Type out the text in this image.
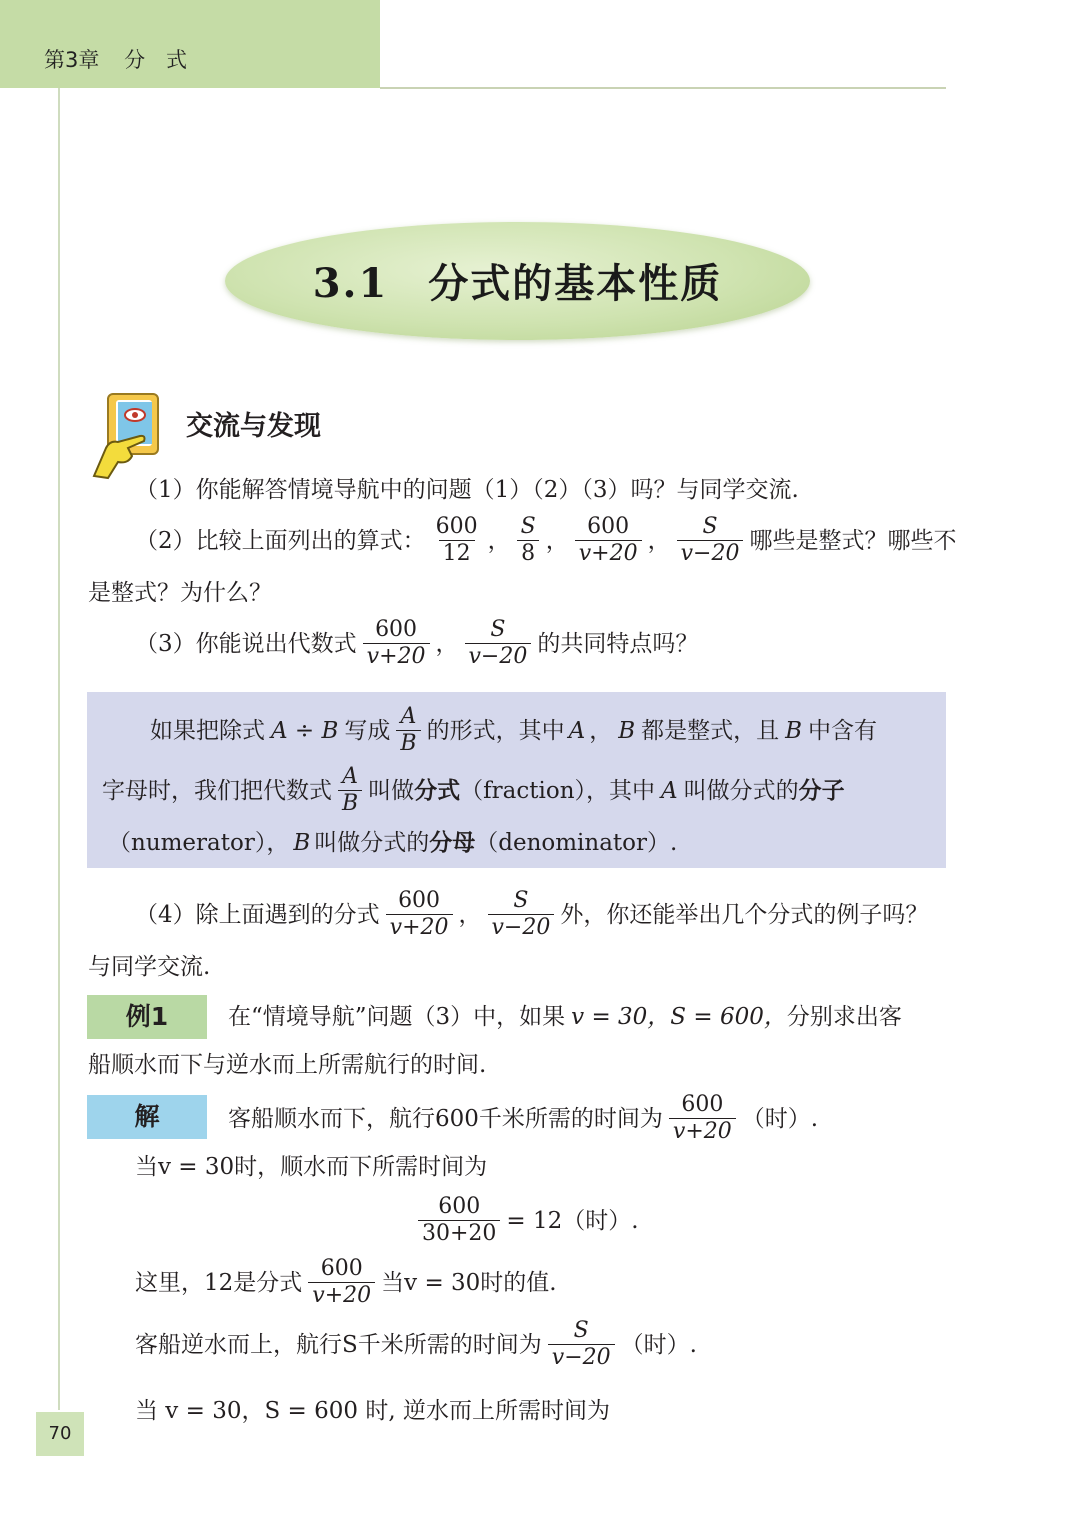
第3章 分　式
3.1 分式的基本性质
交流与发现
（1）你能解答情境导航中的问题（1）（2）（3）吗？与同学交流.
（2）比较上面列出的算式： $\frac{600}{12}$ ， $\frac{S}{8}$ ， $\frac{600}{v+20}$ ， $\frac{S}{v-20}$ 哪些是整式？哪些不
是整式？为什么？
（3）你能说出代数式 $\frac{600}{v+20}$ ， $\frac{S}{v-20}$ 的共同特点吗？
如果把除式 A ÷ B 写成 $\frac{A}{B}$ 的形式，其中 A ， B 都是整式，且 B 中含有
字母时，我们把代数式 $\frac{A}{B}$ 叫做 分式 （fraction），其中 A 叫做分式的 分子
（numerator）， B 叫做分式的分母（denominator）.
（4）除上面遇到的分式 $\frac{600}{v+20}$ ， $\frac{S}{v-20}$ 外，你还能举出几个分式的例子吗？
与同学交流.
例1	在“情境导航”问题（3）中，如果 v = 30，S = 600，分别求出客
船顺水而下与逆水而上所需航行的时间.
解	客船顺水而下，航行600千米所需的时间为 $\frac{600}{v+20}$ （时）.
当v = 30时，顺水而下所需时间为
$\frac{600}{30+20} = 12$（时）.
这里，12是分式 $\frac{600}{v+20}$ 当v = 30时的值.
客船逆水而上，航行S千米所需的时间为 $\frac{S}{v-20}$ （时）.
当 v = 30，S = 600 时, 逆水而上所需时间为
70
